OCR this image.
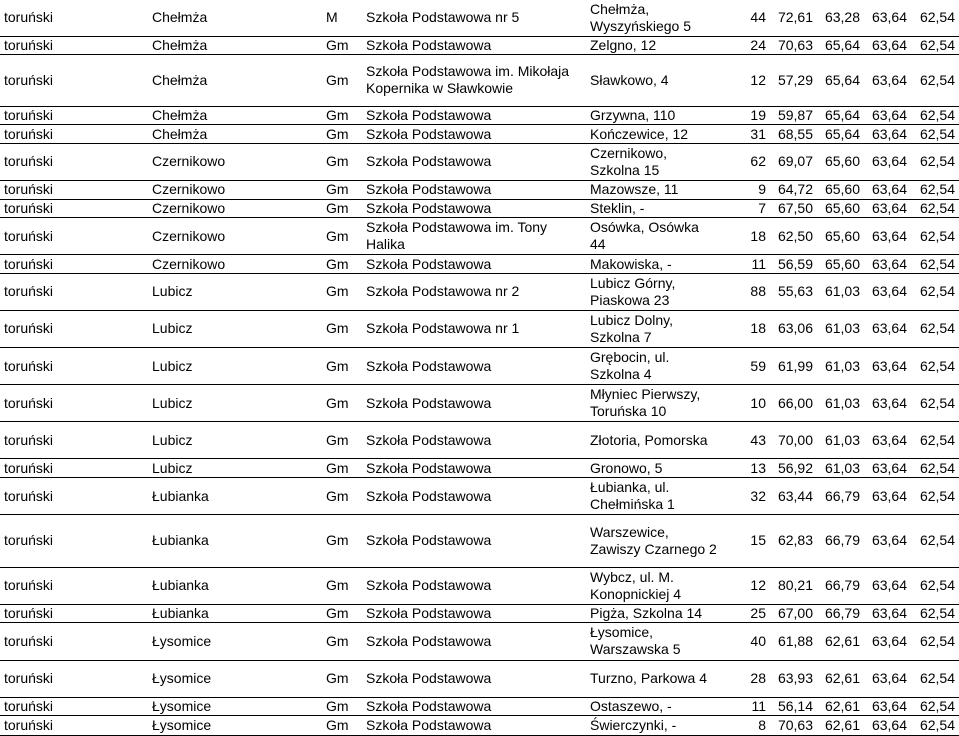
toruński	Chełmża	M	Szkoła Podstawowa nr 5	Chełmża, Wyszyńskiego 5	44	72,61	63,28	63,64	62,54
toruński	Chełmża	Gm	Szkoła Podstawowa	Zelgno, 12	24	70,63	65,64	63,64	62,54
toruński	Chełmża	Gm	Szkoła Podstawowa im. Mikołaja Kopernika w Sławkowie	Sławkowo, 4	12	57,29	65,64	63,64	62,54
toruński	Chełmża	Gm	Szkoła Podstawowa	Grzywna, 110	19	59,87	65,64	63,64	62,54
toruński	Chełmża	Gm	Szkoła Podstawowa	Kończewice, 12	31	68,55	65,64	63,64	62,54
toruński	Czernikowo	Gm	Szkoła Podstawowa	Czernikowo, Szkolna 15	62	69,07	65,60	63,64	62,54
toruński	Czernikowo	Gm	Szkoła Podstawowa	Mazowsze, 11	9	64,72	65,60	63,64	62,54
toruński	Czernikowo	Gm	Szkoła Podstawowa	Steklin, -	7	67,50	65,60	63,64	62,54
toruński	Czernikowo	Gm	Szkoła Podstawowa im. Tony Halika	Osówka, Osówka 44	18	62,50	65,60	63,64	62,54
toruński	Czernikowo	Gm	Szkoła Podstawowa	Makowiska, -	11	56,59	65,60	63,64	62,54
toruński	Lubicz	Gm	Szkoła Podstawowa nr 2	Lubicz Górny, Piaskowa 23	88	55,63	61,03	63,64	62,54
toruński	Lubicz	Gm	Szkoła Podstawowa nr 1	Lubicz Dolny, Szkolna 7	18	63,06	61,03	63,64	62,54
toruński	Lubicz	Gm	Szkoła Podstawowa	Grębocin, ul. Szkolna 4	59	61,99	61,03	63,64	62,54
toruński	Lubicz	Gm	Szkoła Podstawowa	Młyniec Pierwszy, Toruńska 10	10	66,00	61,03	63,64	62,54
toruński	Lubicz	Gm	Szkoła Podstawowa	Złotoria, Pomorska	43	70,00	61,03	63,64	62,54
toruński	Lubicz	Gm	Szkoła Podstawowa	Gronowo, 5	13	56,92	61,03	63,64	62,54
toruński	Łubianka	Gm	Szkoła Podstawowa	Łubianka, ul. Chełmińska 1	32	63,44	66,79	63,64	62,54
toruński	Łubianka	Gm	Szkoła Podstawowa	Warszewice, Zawiszy Czarnego 2	15	62,83	66,79	63,64	62,54
toruński	Łubianka	Gm	Szkoła Podstawowa	Wybcz, ul. M. Konopnickiej 4	12	80,21	66,79	63,64	62,54
toruński	Łubianka	Gm	Szkoła Podstawowa	Pigża, Szkolna 14	25	67,00	66,79	63,64	62,54
toruński	Łysomice	Gm	Szkoła Podstawowa	Łysomice, Warszawska 5	40	61,88	62,61	63,64	62,54
toruński	Łysomice	Gm	Szkoła Podstawowa	Turzno, Parkowa 4	28	63,93	62,61	63,64	62,54
toruński	Łysomice	Gm	Szkoła Podstawowa	Ostaszewo, -	11	56,14	62,61	63,64	62,54
toruński	Łysomice	Gm	Szkoła Podstawowa	Świerczynki, -	8	70,63	62,61	63,64	62,54
